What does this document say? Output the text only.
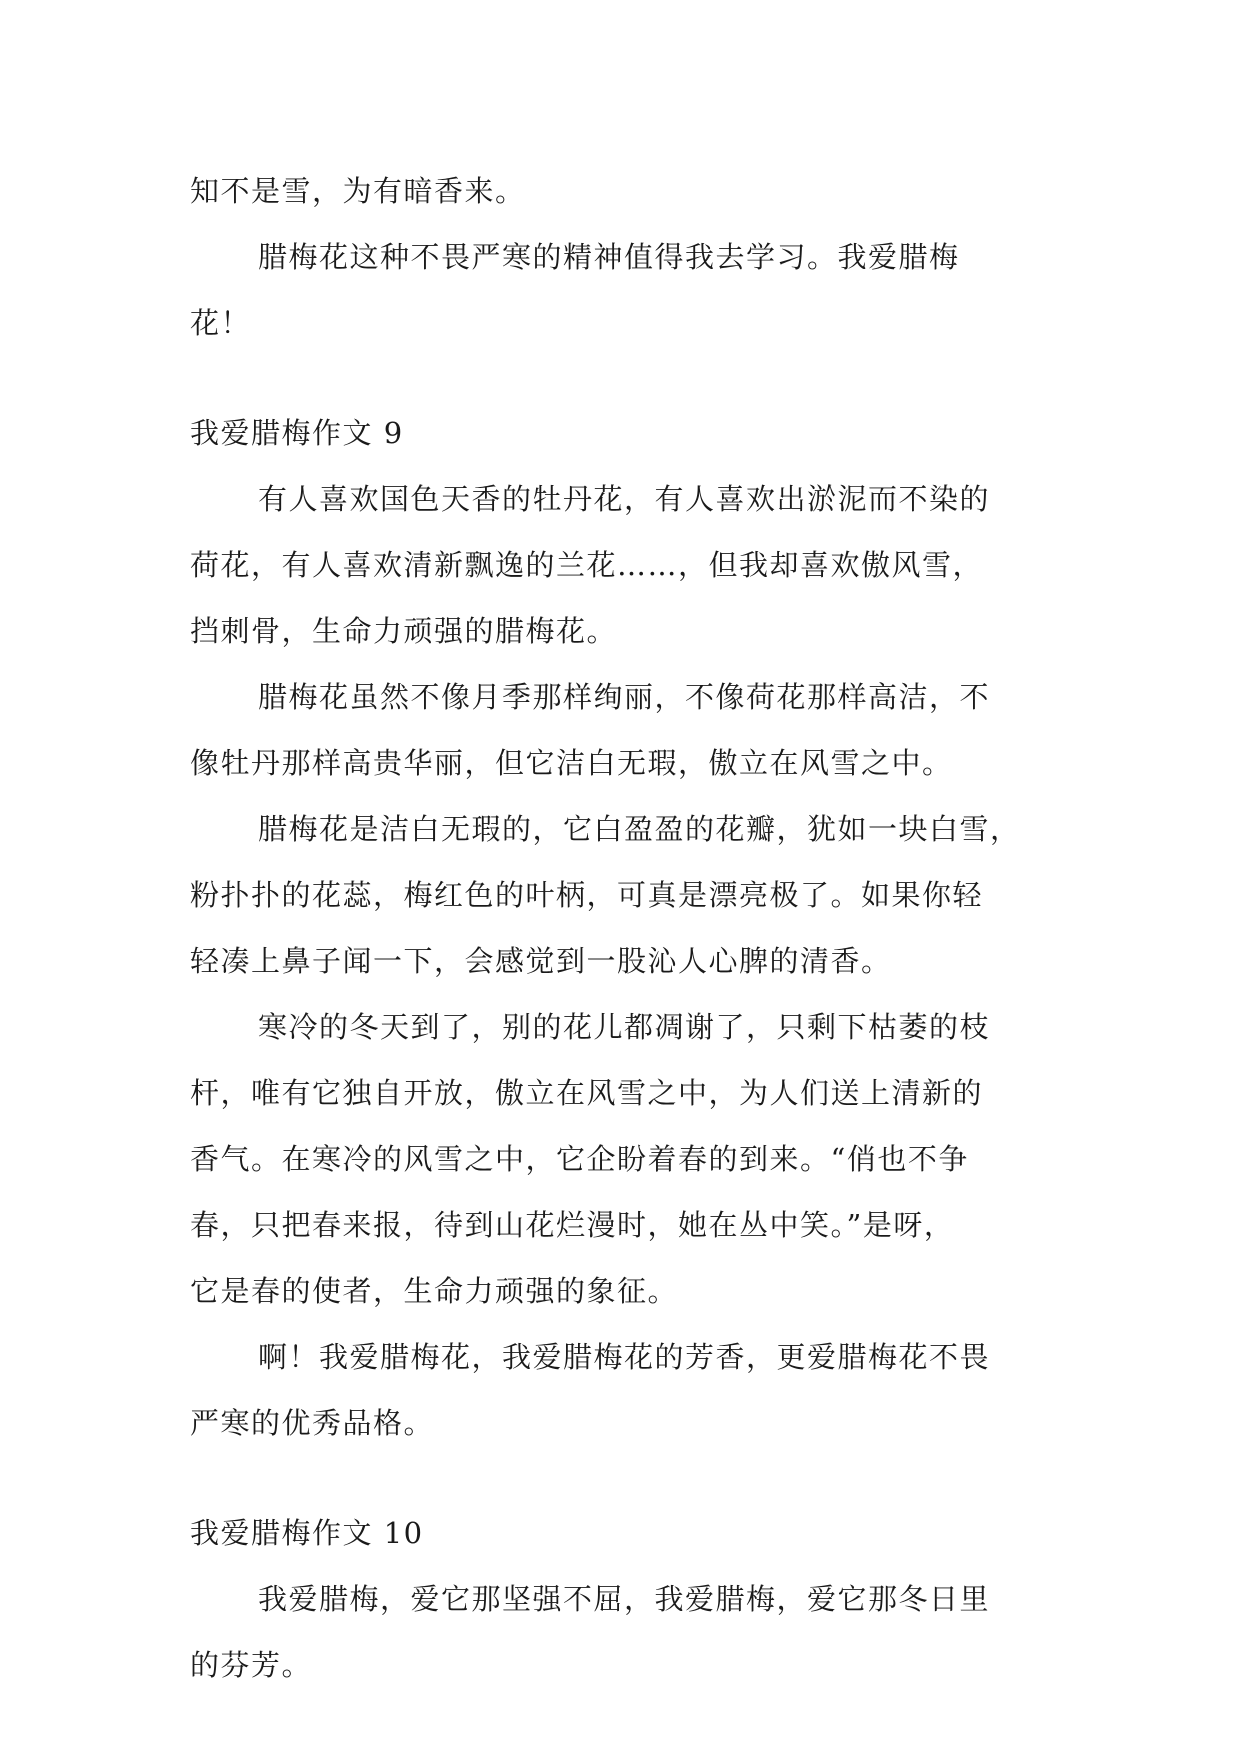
知不是雪，为有暗香来。
腊梅花这种不畏严寒的精神值得我去学习。我爱腊梅
花！
我爱腊梅作文 9
有人喜欢国色天香的牡丹花，有人喜欢出淤泥而不染的
荷花，有人喜欢清新飘逸的兰花……，但我却喜欢傲风雪，
挡刺骨，生命力顽强的腊梅花。
腊梅花虽然不像月季那样绚丽，不像荷花那样高洁，不
像牡丹那样高贵华丽，但它洁白无瑕，傲立在风雪之中。
腊梅花是洁白无瑕的，它白盈盈的花瓣，犹如一块白雪，
粉扑扑的花蕊，梅红色的叶柄，可真是漂亮极了。如果你轻
轻凑上鼻子闻一下，会感觉到一股沁人心脾的清香。
寒冷的冬天到了，别的花儿都凋谢了，只剩下枯萎的枝
杆，唯有它独自开放，傲立在风雪之中，为人们送上清新的
香气。在寒冷的风雪之中，它企盼着春的到来。“俏也不争
春，只把春来报，待到山花烂漫时，她在丛中笑。”是呀，
它是春的使者，生命力顽强的象征。
啊！我爱腊梅花，我爱腊梅花的芳香，更爱腊梅花不畏
严寒的优秀品格。
我爱腊梅作文 10
我爱腊梅，爱它那坚强不屈，我爱腊梅，爱它那冬日里
的芬芳。
